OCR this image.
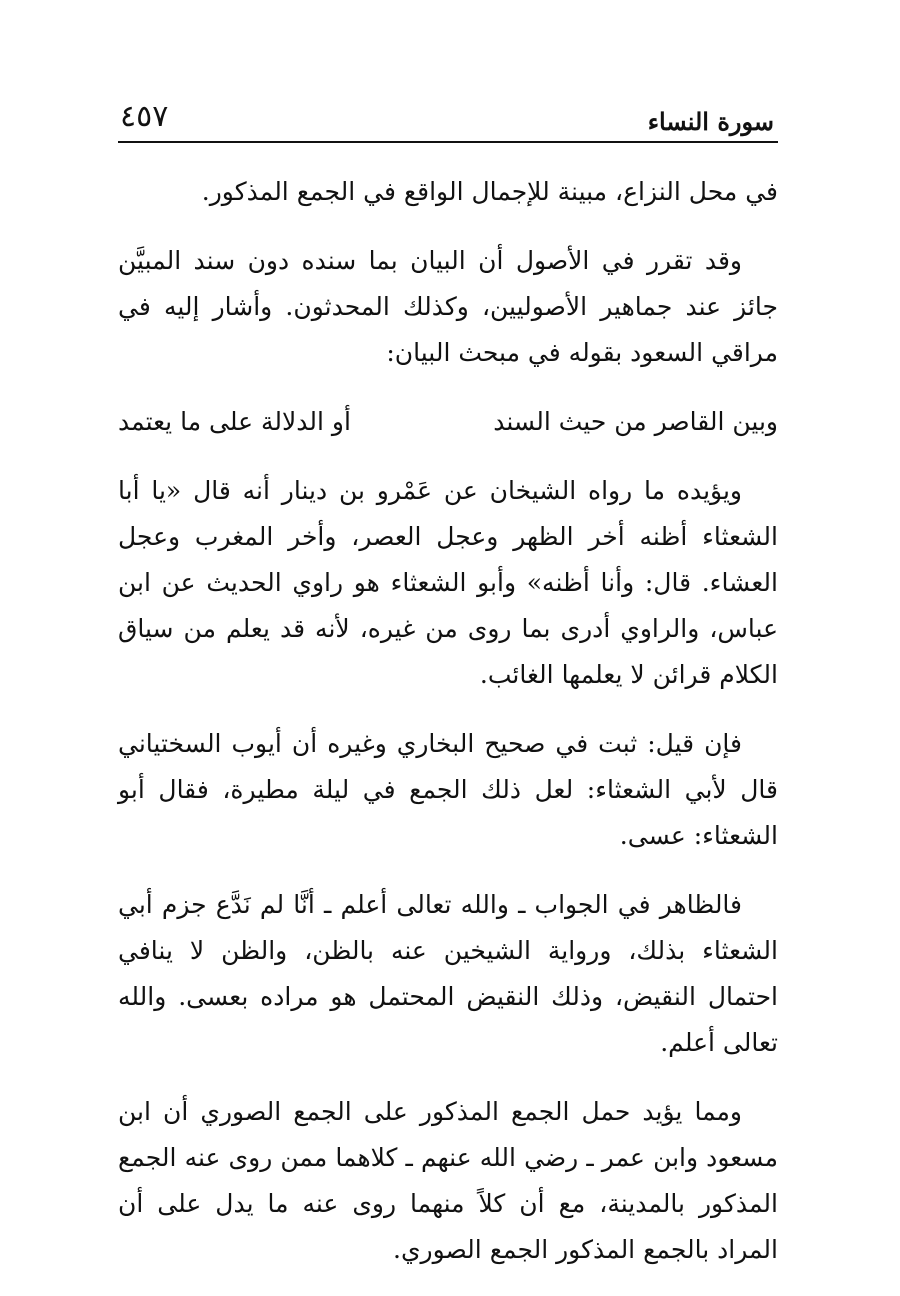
سورة النساء
٤٥٧

في محل النزاع، مبينة للإجمال الواقع في الجمع المذكور.

وقد تقرر في الأصول أن البيان بما سنده دون سند المبيَّن جائز عند جماهير الأصوليين، وكذلك المحدثون. وأشار إليه في مراقي السعود بقوله في مبحث البيان:

وبين القاصر من حيث السند
أو الدلالة على ما يعتمد

ويؤيده ما رواه الشيخان عن عَمْرو بن دينار أنه قال «يا أبا الشعثاء أظنه أخر الظهر وعجل العصر، وأخر المغرب وعجل العشاء. قال: وأنا أظنه» وأبو الشعثاء هو راوي الحديث عن ابن عباس، والراوي أدرى بما روى من غيره، لأنه قد يعلم من سياق الكلام قرائن لا يعلمها الغائب.

فإن قيل: ثبت في صحيح البخاري وغيره أن أيوب السختياني قال لأبي الشعثاء: لعل ذلك الجمع في ليلة مطيرة، فقال أبو الشعثاء: عسى.

فالظاهر في الجواب ـ والله تعالى أعلم ـ أنَّا لم نَدَّع جزم أبي الشعثاء بذلك، ورواية الشيخين عنه بالظن، والظن لا ينافي احتمال النقيض، وذلك النقيض المحتمل هو مراده بعسى. والله تعالى أعلم.

ومما يؤيد حمل الجمع المذكور على الجمع الصوري أن ابن مسعود وابن عمر ـ رضي الله عنهم ـ كلاهما ممن روى عنه الجمع المذكور بالمدينة، مع أن كلاً منهما روى عنه ما يدل على أن المراد بالجمع المذكور الجمع الصوري.
